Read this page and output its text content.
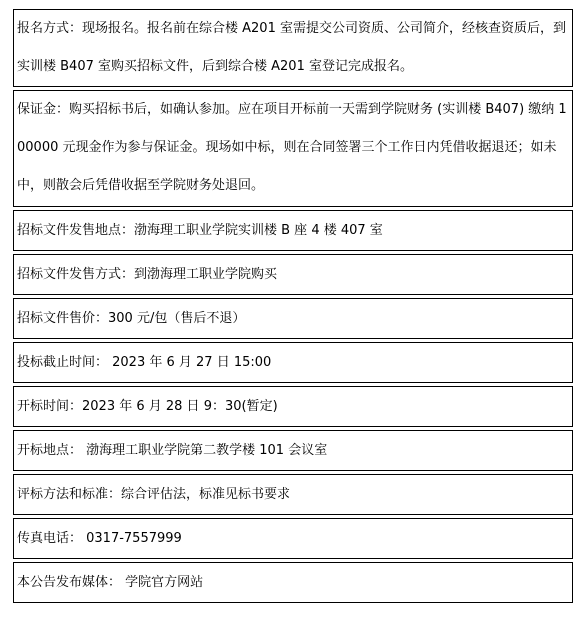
报名方式：现场报名。报名前在综合楼 A201 室需提交公司资质、公司简介，经核查资质后，到实训楼 B407 室购买招标文件，后到综合楼 A201 室登记完成报名。
保证金：购买招标书后，如确认参加。应在项目开标前一天需到学院财务 (实训楼 B407) 缴纳 100000 元现金作为参与保证金。现场如中标，则在合同签署三个工作日内凭借收据退还；如未中，则散会后凭借收据至学院财务处退回。
招标文件发售地点：渤海理工职业学院实训楼 B 座 4 楼 407 室
招标文件发售方式：到渤海理工职业学院购买
招标文件售价：300 元/包（售后不退）
投标截止时间： 2023 年 6 月 27 日 15:00
开标时间：2023 年 6 月 28 日 9：30(暂定)
开标地点： 渤海理工职业学院第二教学楼 101 会议室
评标方法和标准：综合评估法，标准见标书要求
传真电话： 0317-7557999
本公告发布媒体： 学院官方网站
